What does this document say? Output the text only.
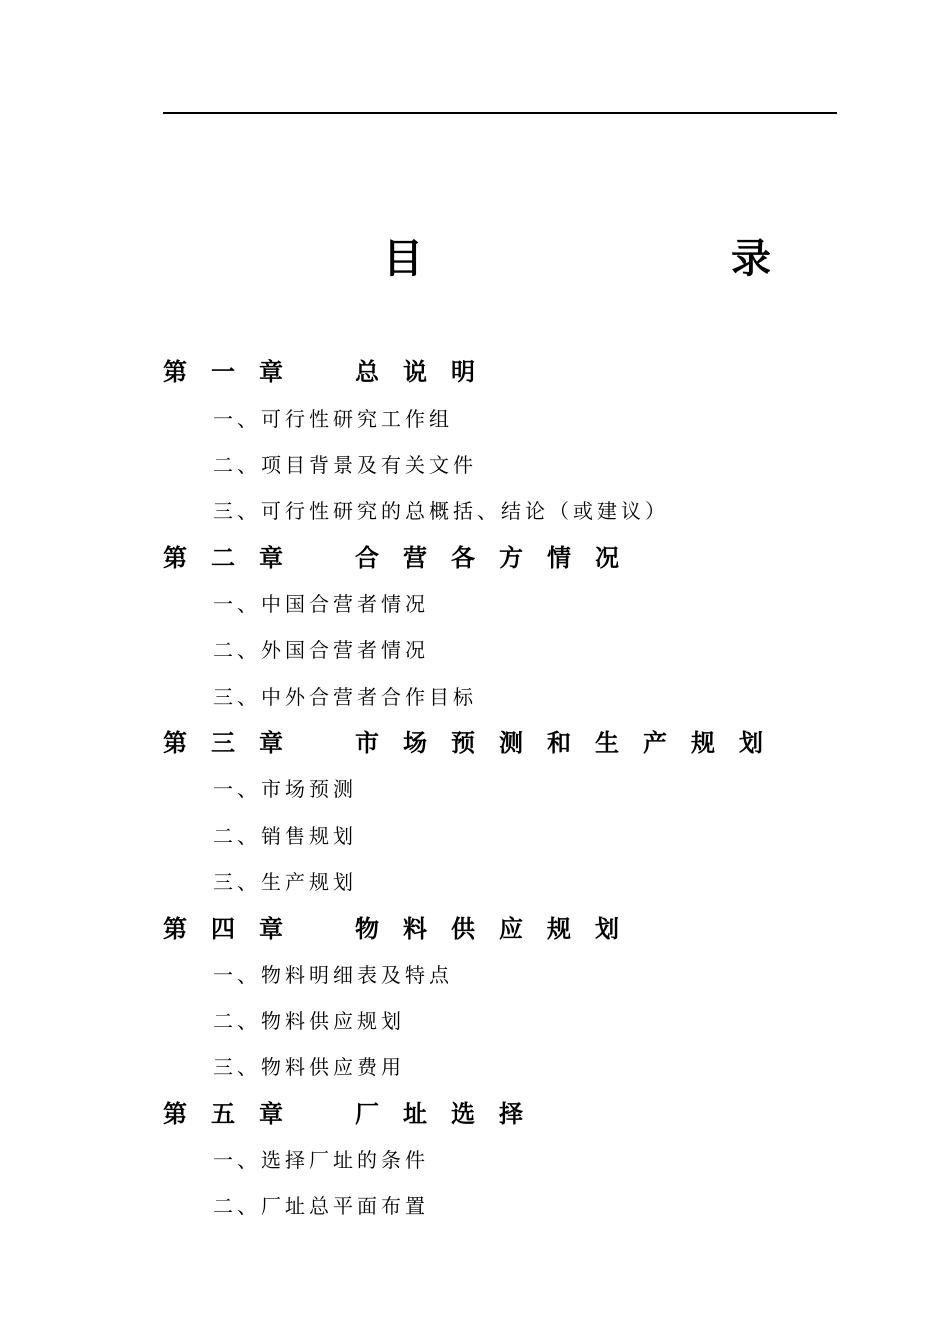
目　录
第一章 总说明
一、可行性研究工作组
二、项目背景及有关文件
三、可行性研究的总概括、结论（或建议）
第二章 合营各方情况
一、中国合营者情况
二、外国合营者情况
三、中外合营者合作目标
第三章 市场预测和生产规划
一、市场预测
二、销售规划
三、生产规划
第四章 物料供应规划
一、物料明细表及特点
二、物料供应规划
三、物料供应费用
第五章 厂址选择
一、选择厂址的条件
二、厂址总平面布置
